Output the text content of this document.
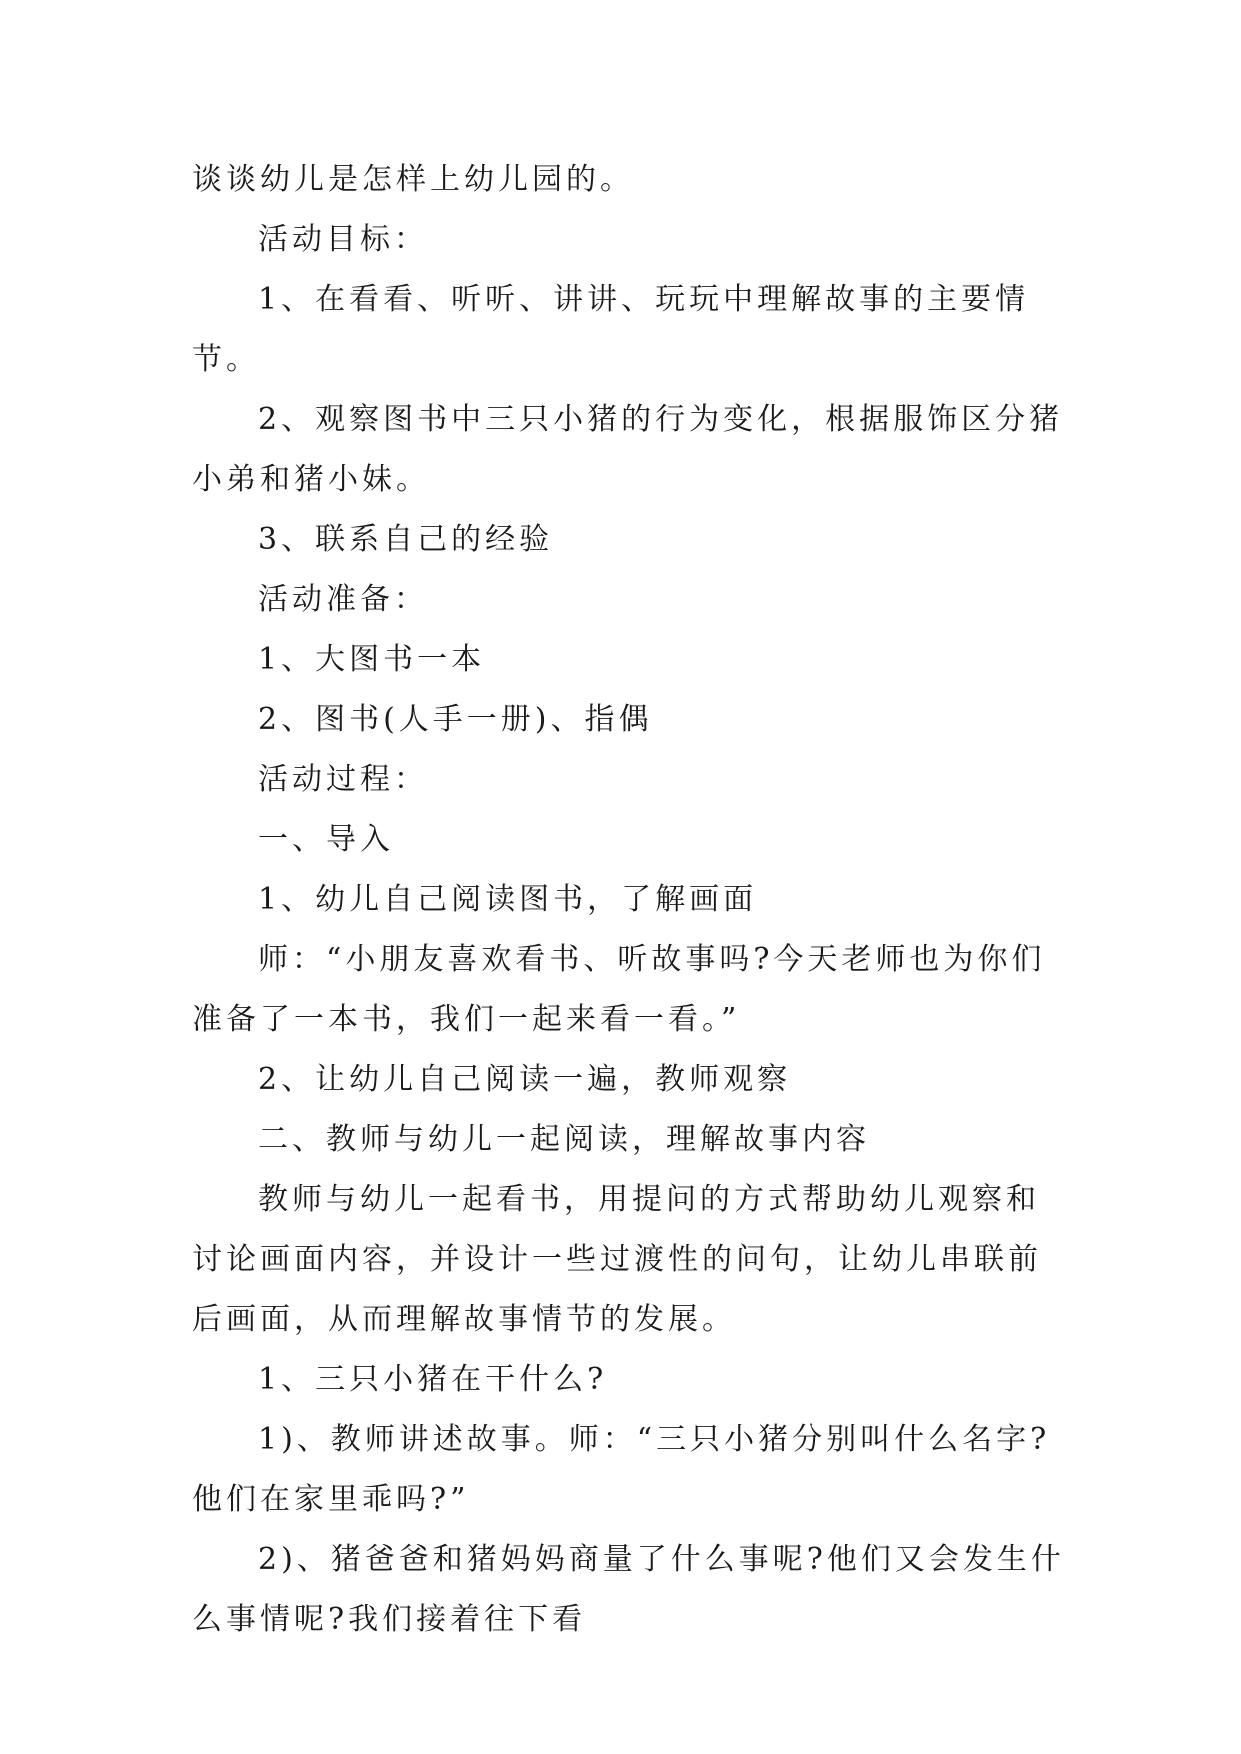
谈谈幼儿是怎样上幼儿园的。

活动目标：

1、在看看、听听、讲讲、玩玩中理解故事的主要情节。

2、观察图书中三只小猪的行为变化，根据服饰区分猪小弟和猪小妹。

3、联系自己的经验

活动准备：

1、大图书一本

2、图书(人手一册)、指偶

活动过程：

一、导入

1、幼儿自己阅读图书，了解画面

师：“小朋友喜欢看书、听故事吗?今天老师也为你们准备了一本书，我们一起来看一看。”

2、让幼儿自己阅读一遍，教师观察

二、教师与幼儿一起阅读，理解故事内容

教师与幼儿一起看书，用提问的方式帮助幼儿观察和讨论画面内容，并设计一些过渡性的问句，让幼儿串联前后画面，从而理解故事情节的发展。

1、三只小猪在干什么?

1)、教师讲述故事。师：“三只小猪分别叫什么名字?他们在家里乖吗?”

2)、猪爸爸和猪妈妈商量了什么事呢?他们又会发生什么事情呢?我们接着往下看
